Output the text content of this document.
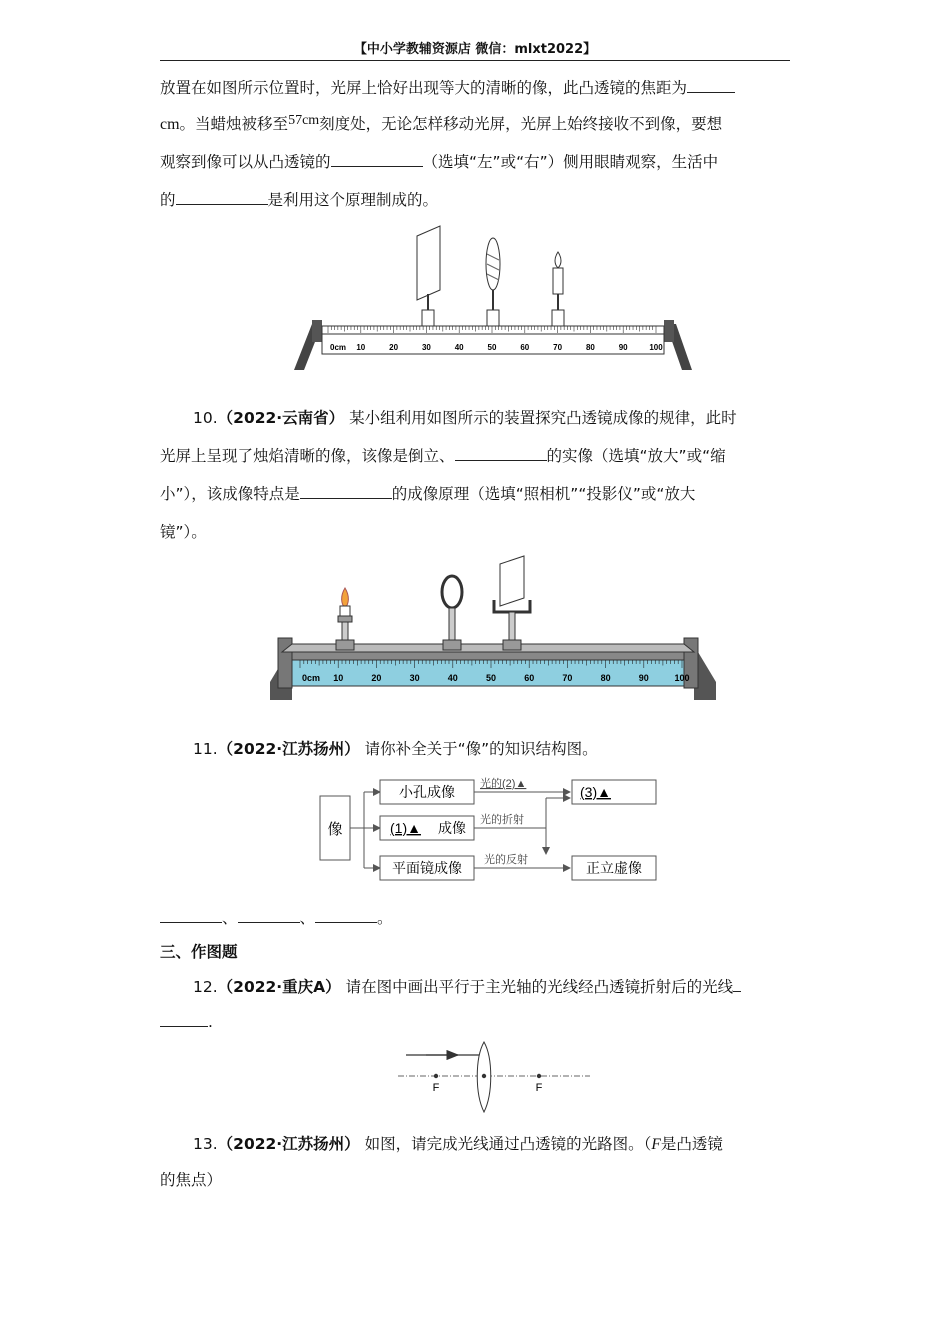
【中小学教辅资源店 微信：mlxt2022】
放置在如图所示位置时，光屏上恰好出现等大的清晰的像，此凸透镜的焦距为
cm。当蜡烛被移至57cm刻度处，无论怎样移动光屏，光屏上始终接收不到像，要想
观察到像可以从凸透镜的	（选填“左”或“右”）侧用眼睛观察，生活中
的	是利用这个原理制成的。
0cm 10	20	30	40	50	60	70	80	90	100
10.（2022·云南省） 某小组利用如图所示的装置探究凸透镜成像的规律，此时
光屏上呈现了烛焰清晰的像，该像是倒立、	的实像（选填“放大”或“缩
小”），该成像特点是	的成像原理（选填“照相机”“投影仪”或“放大
镜”）。
0cm 10	20	30	40	50	60	70	80	90	100
11.（2022·江苏扬州） 请你补全关于“像”的知识结构图。
像
小孔成像
(1)▲ 成像
平面镜成像
光的(2)▲
光的折射
光的反射
(3)▲
正立虚像
、	、	。
三、作图题
12.（2022·重庆A） 请在图中画出平行于主光轴的光线经凸透镜折射后的光线
.
F	F
13.（2022·江苏扬州） 如图，请完成光线通过凸透镜的光路图。（F是凸透镜
的焦点）
